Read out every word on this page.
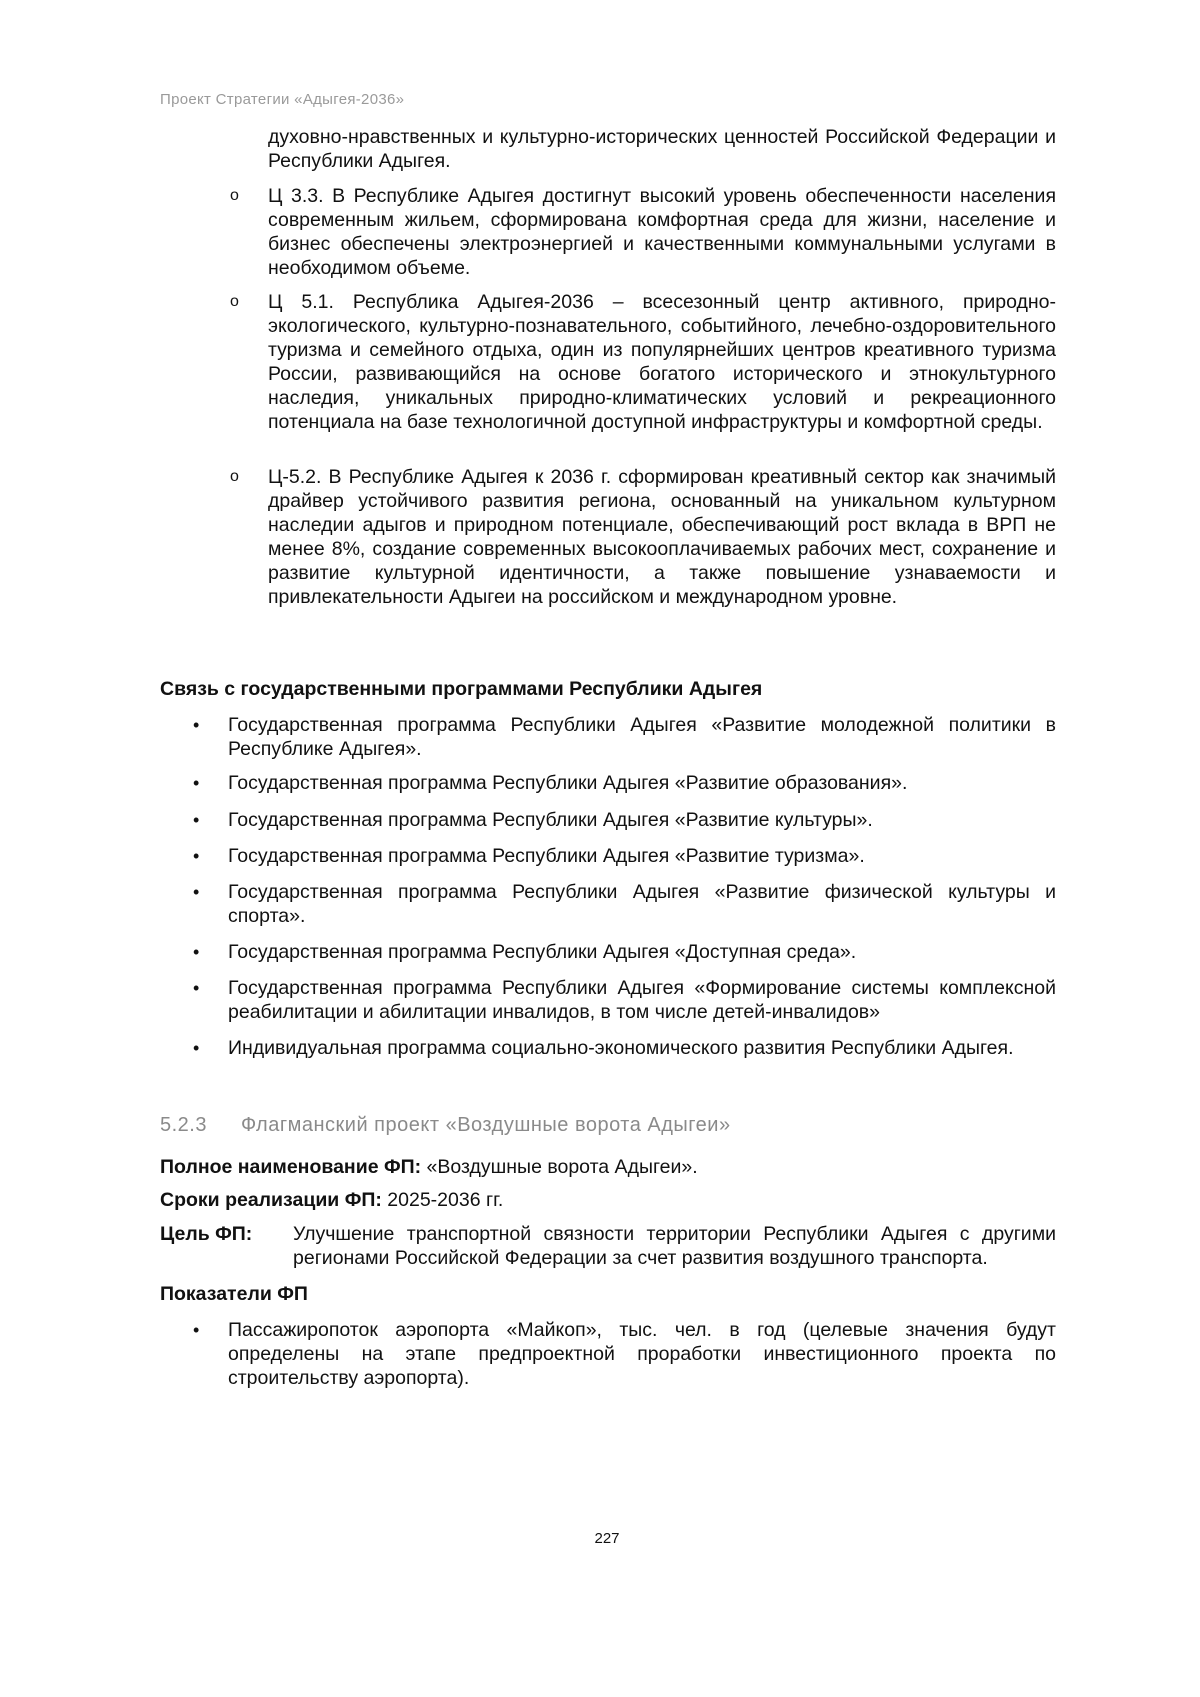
Проект Стратегии «Адыгея-2036»
духовно-нравственных и культурно-исторических ценностей Российской Федерации и Республики Адыгея.
o Ц 3.3. В Республике Адыгея достигнут высокий уровень обеспеченности населения современным жильем, сформирована комфортная среда для жизни, население и бизнес обеспечены электроэнергией и качественными коммунальными услугами в необходимом объеме.
o Ц 5.1. Республика Адыгея-2036 – всесезонный центр активного, природно-экологического, культурно-познавательного, событийного, лечебно-оздоровительного туризма и семейного отдыха, один из популярнейших центров креативного туризма России, развивающийся на основе богатого исторического и этнокультурного наследия, уникальных природно-климатических условий и рекреационного потенциала на базе технологичной доступной инфраструктуры и комфортной среды.
o Ц-5.2. В Республике Адыгея к 2036 г. сформирован креативный сектор как значимый драйвер устойчивого развития региона, основанный на уникальном культурном наследии адыгов и природном потенциале, обеспечивающий рост вклада в ВРП не менее 8%, создание современных высокооплачиваемых рабочих мест, сохранение и развитие культурной идентичности, а также повышение узнаваемости и привлекательности Адыгеи на российском и международном уровне.
Связь с государственными программами Республики Адыгея
• Государственная программа Республики Адыгея «Развитие молодежной политики в Республике Адыгея».
• Государственная программа Республики Адыгея «Развитие образования».
• Государственная программа Республики Адыгея «Развитие культуры».
• Государственная программа Республики Адыгея «Развитие туризма».
• Государственная программа Республики Адыгея «Развитие физической культуры и спорта».
• Государственная программа Республики Адыгея «Доступная среда».
• Государственная программа Республики Адыгея «Формирование системы комплексной реабилитации и абилитации инвалидов, в том числе детей-инвалидов»
• Индивидуальная программа социально-экономического развития Республики Адыгея.
5.2.3 Флагманский проект «Воздушные ворота Адыгеи»
Полное наименование ФП: «Воздушные ворота Адыгеи».
Сроки реализации ФП: 2025-2036 гг.
Цель ФП: Улучшение транспортной связности территории Республики Адыгея с другими регионами Российской Федерации за счет развития воздушного транспорта.
Показатели ФП
• Пассажиропоток аэропорта «Майкоп», тыс. чел. в год (целевые значения будут определены на этапе предпроектной проработки инвестиционного проекта по строительству аэропорта).
227
